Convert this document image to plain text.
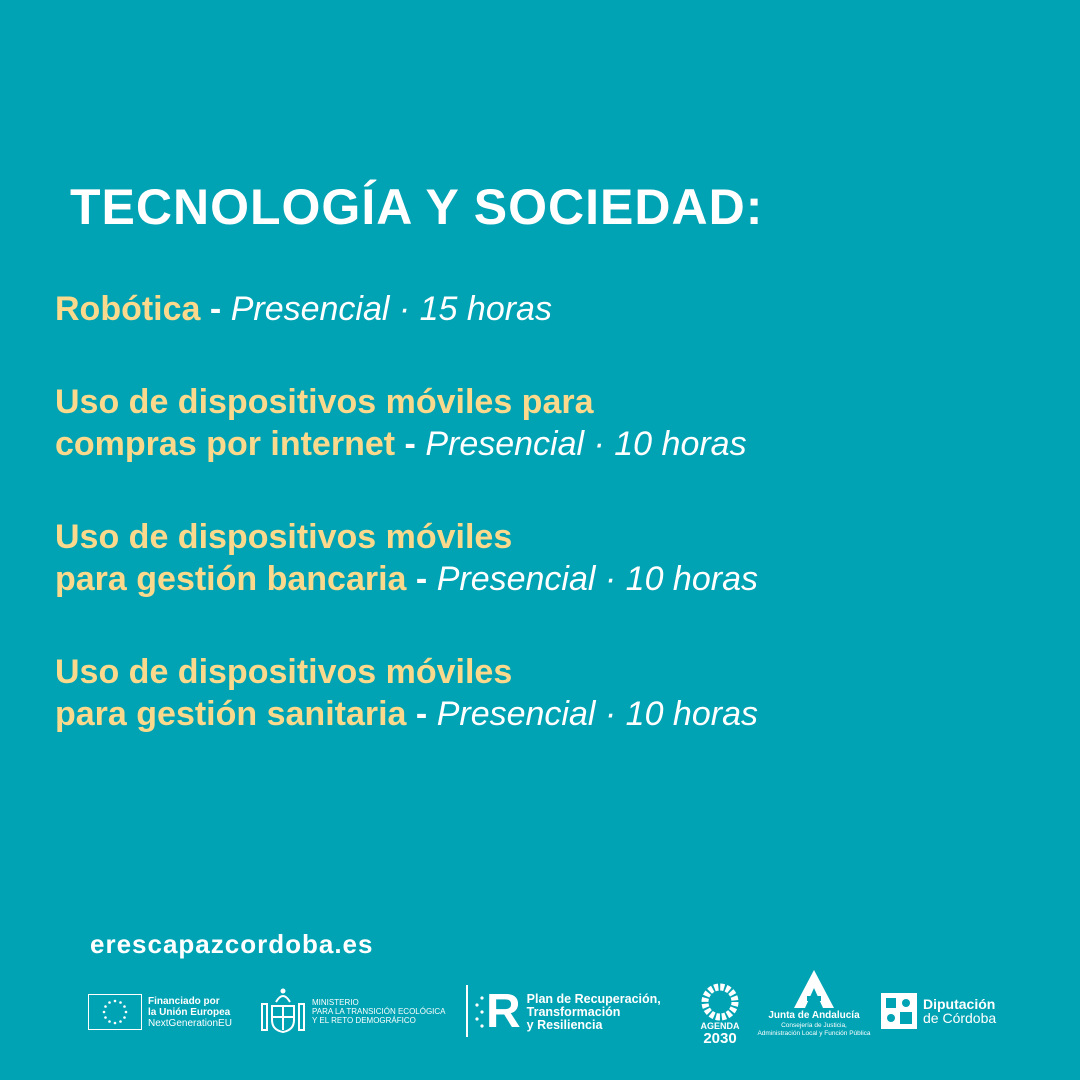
TECNOLOGÍA Y SOCIEDAD:
Robótica - Presencial · 15 horas
Uso de dispositivos móviles para
compras por internet - Presencial · 10 horas
Uso de dispositivos móviles
para gestión bancaria - Presencial · 10 horas
Uso de dispositivos móviles
para gestión sanitaria - Presencial · 10 horas
erescapazcordoba.es
Financiado por
la Unión Europea
NextGenerationEU
MINISTERIO
PARA LA TRANSICIÓN ECOLÓGICA
Y EL RETO DEMOGRÁFICO	R Plan de Recuperación,
Transformación
y Resiliencia	AGENDA
2030
Junta de Andalucía
Consejería de Justicia,
Administración Local y Función Pública
Diputación
de Córdoba
